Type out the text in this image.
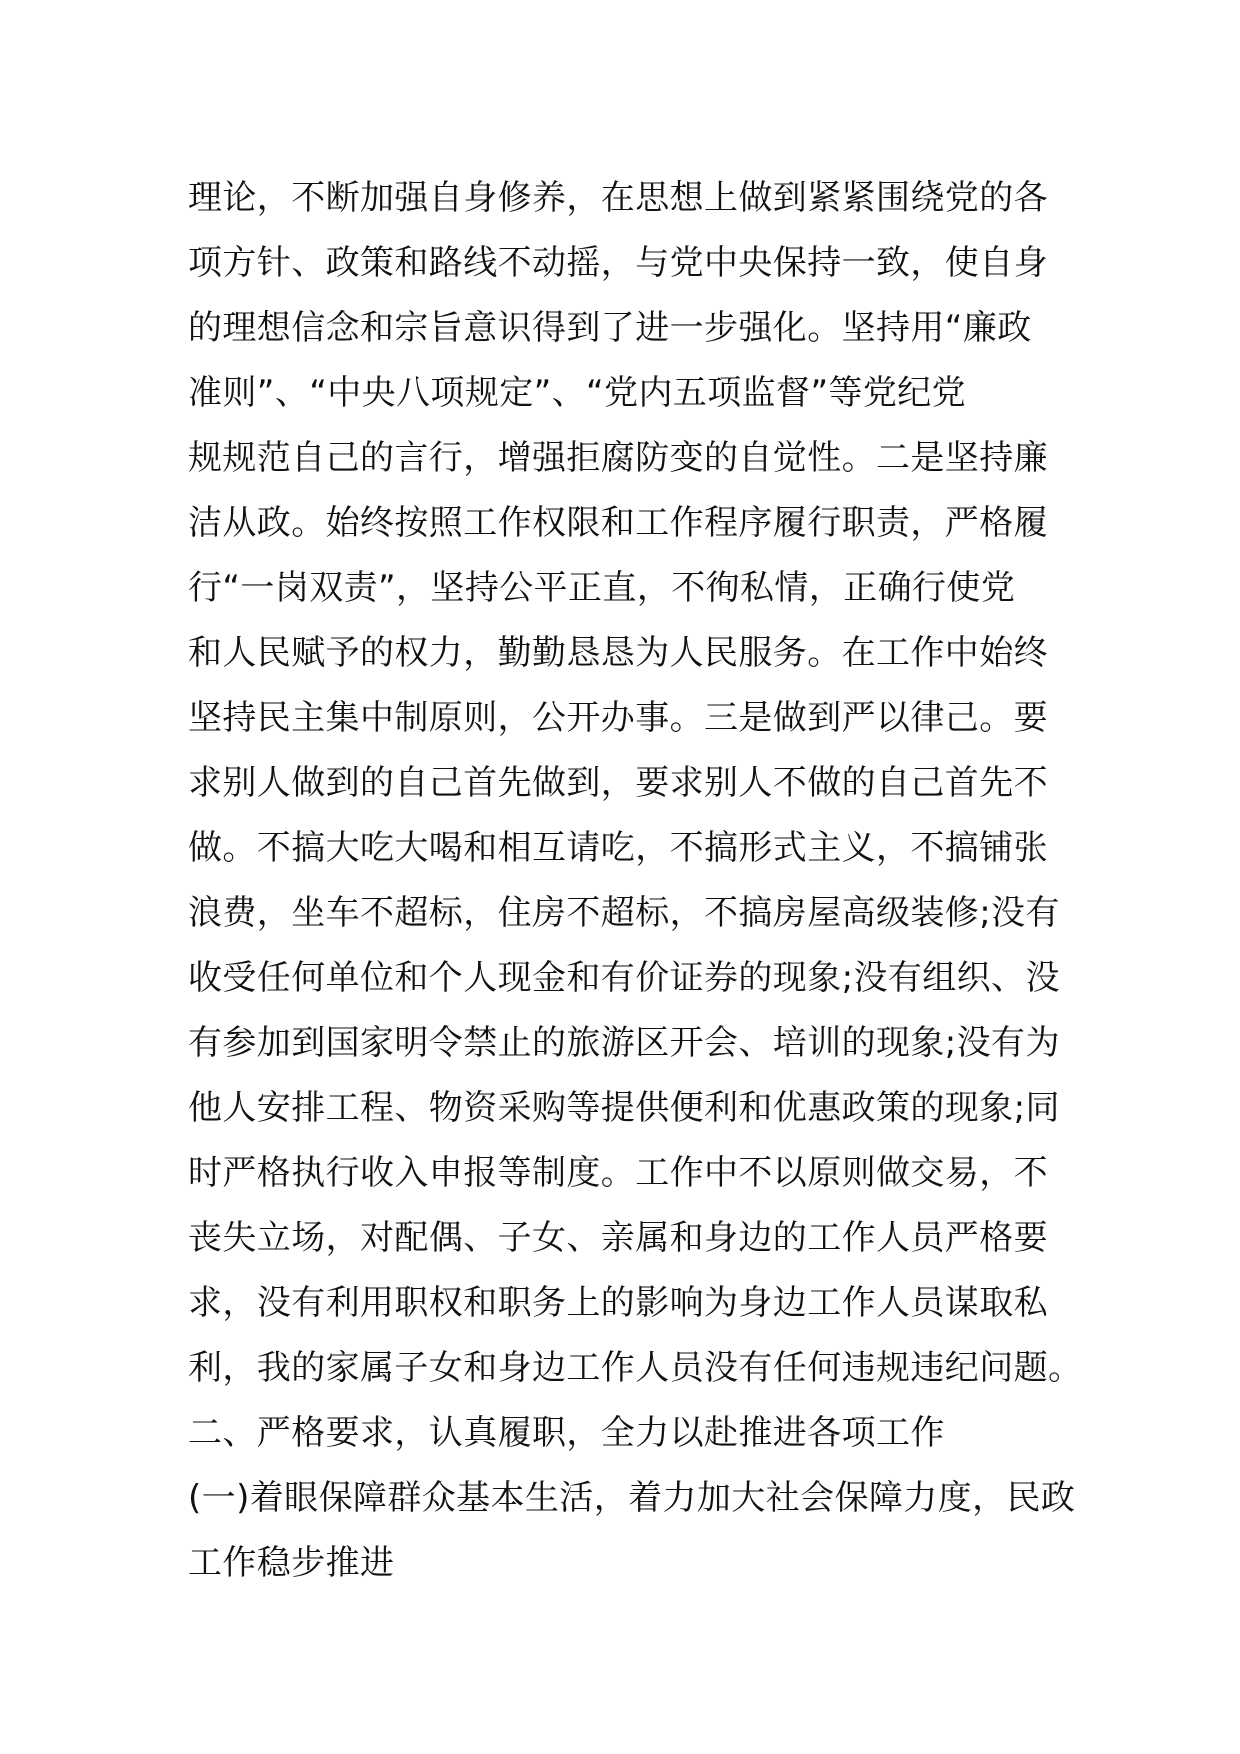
理论，不断加强自身修养，在思想上做到紧紧围绕党的各
项方针、政策和路线不动摇，与党中央保持一致，使自身
的理想信念和宗旨意识得到了进一步强化。坚持用“廉政
准则”、“中央八项规定”、“党内五项监督”等党纪党
规规范自己的言行，增强拒腐防变的自觉性。二是坚持廉
洁从政。始终按照工作权限和工作程序履行职责，严格履
行“一岗双责”，坚持公平正直，不徇私情，正确行使党
和人民赋予的权力，勤勤恳恳为人民服务。在工作中始终
坚持民主集中制原则，公开办事。三是做到严以律己。要
求别人做到的自己首先做到，要求别人不做的自己首先不
做。不搞大吃大喝和相互请吃，不搞形式主义，不搞铺张
浪费，坐车不超标，住房不超标，不搞房屋高级装修;没有
收受任何单位和个人现金和有价证券的现象;没有组织、没
有参加到国家明令禁止的旅游区开会、培训的现象;没有为
他人安排工程、物资采购等提供便利和优惠政策的现象;同
时严格执行收入申报等制度。工作中不以原则做交易，不
丧失立场，对配偶、子女、亲属和身边的工作人员严格要
求，没有利用职权和职务上的影响为身边工作人员谋取私
利，我的家属子女和身边工作人员没有任何违规违纪问题。
二、严格要求，认真履职，全力以赴推进各项工作
(一)着眼保障群众基本生活，着力加大社会保障力度，民政
工作稳步推进
